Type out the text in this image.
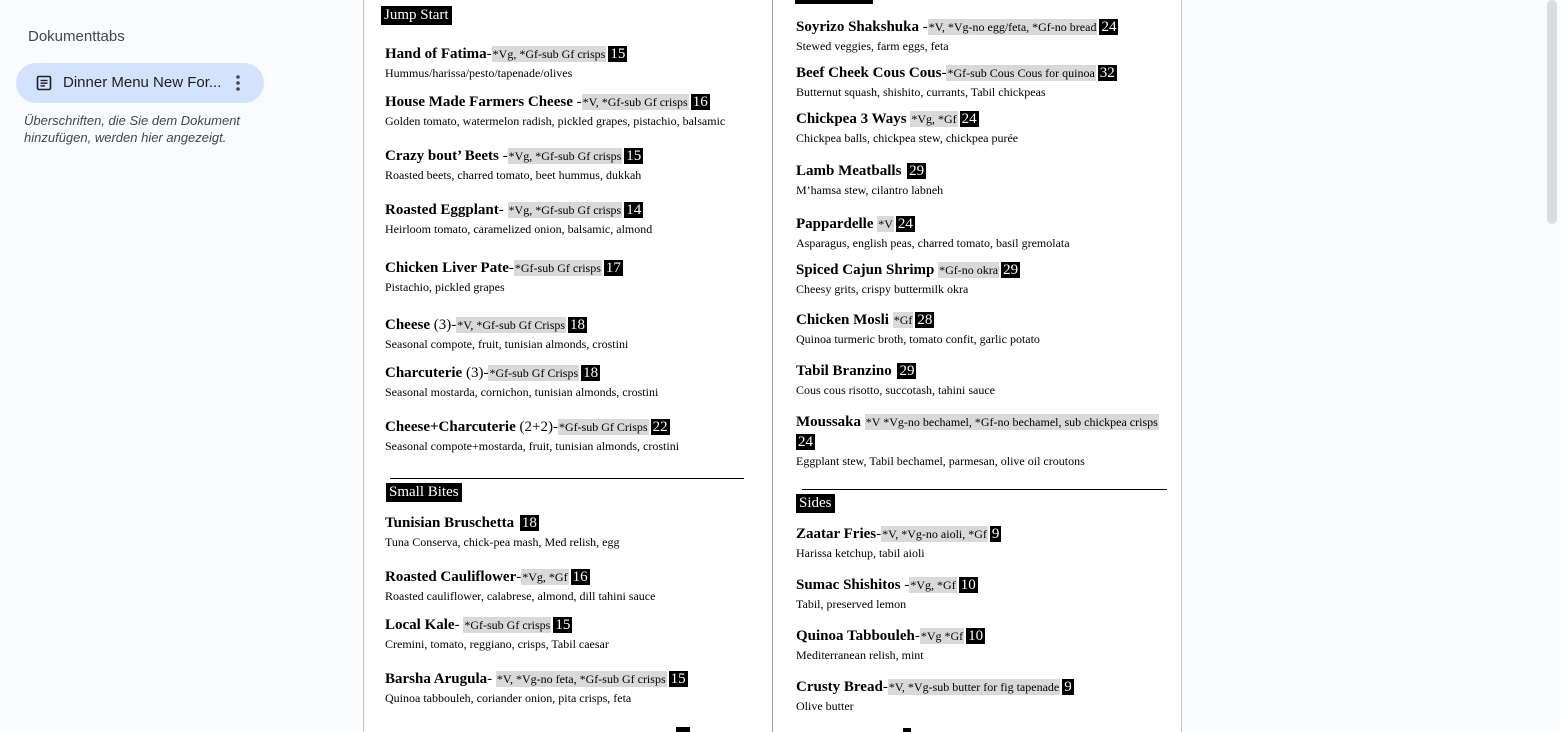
Dokumenttabs
Dinner Menu New For...
Überschriften, die Sie dem Dokument hinzufügen, werden hier angezeigt.
Jump Start
Small Bites
Sides
Hand of Fatima-*Vg, *Gf-sub Gf crisps 15
Hummus/harissa/pesto/tapenade/olives
House Made Farmers Cheese -*V, *Gf-sub Gf crisps 16
Golden tomato, watermelon radish, pickled grapes, pistachio, balsamic
Crazy bout’ Beets -*Vg, *Gf-sub Gf crisps 15
Roasted beets, charred tomato, beet hummus, dukkah
Roasted Eggplant- *Vg, *Gf-sub Gf crisps 14
Heirloom tomato, caramelized onion, balsamic, almond
Chicken Liver Pate-*Gf-sub Gf crisps 17
Pistachio, pickled grapes
Cheese (3)-*V, *Gf-sub Gf Crisps 18
Seasonal compote, fruit, tunisian almonds, crostini
Charcuterie (3)-*Gf-sub Gf Crisps 18
Seasonal mostarda, cornichon, tunisian almonds, crostini
Cheese+Charcuterie (2+2)-*Gf-sub Gf Crisps 22
Seasonal compote+mostarda, fruit, tunisian almonds, crostini
Tunisian Bruschetta 18
Tuna Conserva, chick-pea mash, Med relish, egg
Roasted Cauliflower-*Vg, *Gf 16
Roasted cauliflower, calabrese, almond, dill tahini sauce
Local Kale- *Gf-sub Gf crisps 15
Cremini, tomato, reggiano, crisps, Tabil caesar
Barsha Arugula- *V, *Vg-no feta, *Gf-sub Gf crisps 15
Quinoa tabbouleh, coriander onion, pita crisps, feta
Soyrizo Shakshuka -*V, *Vg-no egg/feta, *Gf-no bread 24
Stewed veggies, farm eggs, feta
Beef Cheek Cous Cous-*Gf-sub Cous Cous for quinoa 32
Butternut squash, shishito, currants, Tabil chickpeas
Chickpea 3 Ways *Vg, *Gf 24
Chickpea balls, chickpea stew, chickpea purée
Lamb Meatballs 29
M’hamsa stew, cilantro labneh
Pappardelle *V 24
Asparagus, english peas, charred tomato, basil gremolata
Spiced Cajun Shrimp *Gf-no okra 29
Cheesy grits, crispy buttermilk okra
Chicken Mosli *Gf 28
Quinoa turmeric broth, tomato confit, garlic potato
Tabil Branzino 29
Cous cous risotto, succotash, tahini sauce
Zaatar Fries-*V, *Vg-no aioli, *Gf 9
Harissa ketchup, tabil aioli
Sumac Shishitos -*Vg, *Gf 10
Tabil, preserved lemon
Quinoa Tabbouleh-*Vg *Gf 10
Mediterranean relish, mint
Crusty Bread-*V, *Vg-sub butter for fig tapenade 9
Olive butter
Moussaka *V *Vg-no bechamel, *Gf-no bechamel, sub chickpea crisps 24
Eggplant stew, Tabil bechamel, parmesan, olive oil croutons
